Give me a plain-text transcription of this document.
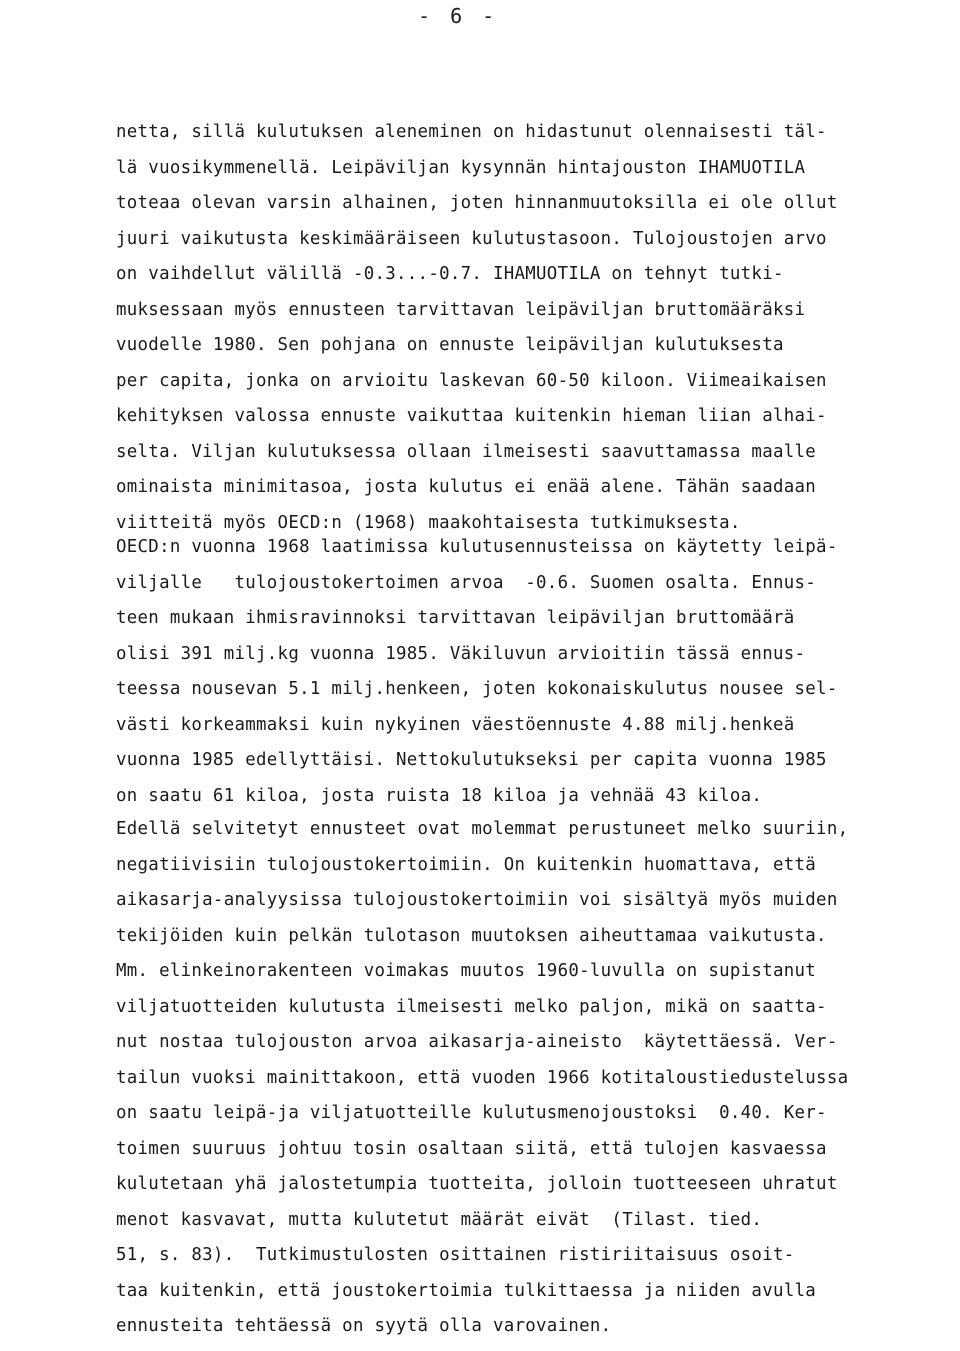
- 6 -
netta, sillä kulutuksen aleneminen on hidastunut olennaisesti täl-
lä vuosikymmenellä. Leipäviljan kysynnän hintajouston IHAMUOTILA
toteaa olevan varsin alhainen, joten hinnanmuutoksilla ei ole ollut
juuri vaikutusta keskimääräiseen kulutustasoon. Tulojoustojen arvo
on vaihdellut välillä -0.3...-0.7. IHAMUOTILA on tehnyt tutki-
muksessaan myös ennusteen tarvittavan leipäviljan bruttomääräksi
vuodelle 1980. Sen pohjana on ennuste leipäviljan kulutuksesta
per capita, jonka on arvioitu laskevan 60-50 kiloon. Viimeaikaisen
kehityksen valossa ennuste vaikuttaa kuitenkin hieman liian alhai-
selta. Viljan kulutuksessa ollaan ilmeisesti saavuttamassa maalle
ominaista minimitasoa, josta kulutus ei enää alene. Tähän saadaan
viitteitä myös OECD:n (1968) maakohtaisesta tutkimuksesta.
OECD:n vuonna 1968 laatimissa kulutusennusteissa on käytetty leipä-
viljalle   tulojoustokertoimen arvoa  -0.6. Suomen osalta. Ennus-
teen mukaan ihmisravinnoksi tarvittavan leipäviljan bruttomäärä
olisi 391 milj.kg vuonna 1985. Väkiluvun arvioitiin tässä ennus-
teessa nousevan 5.1 milj.henkeen, joten kokonaiskulutus nousee sel-
västi korkeammaksi kuin nykyinen väestöennuste 4.88 milj.henkeä
vuonna 1985 edellyttäisi. Nettokulutukseksi per capita vuonna 1985
on saatu 61 kiloa, josta ruista 18 kiloa ja vehnää 43 kiloa.
Edellä selvitetyt ennusteet ovat molemmat perustuneet melko suuriin,
negatiivisiin tulojoustokertoimiin. On kuitenkin huomattava, että
aikasarja-analyysissa tulojoustokertoimiin voi sisältyä myös muiden
tekijöiden kuin pelkän tulotason muutoksen aiheuttamaa vaikutusta.
Mm. elinkeinorakenteen voimakas muutos 1960-luvulla on supistanut
viljatuotteiden kulutusta ilmeisesti melko paljon, mikä on saatta-
nut nostaa tulojouston arvoa aikasarja-aineisto  käytettäessä. Ver-
tailun vuoksi mainittakoon, että vuoden 1966 kotitaloustiedustelussa
on saatu leipä-ja viljatuotteille kulutusmenojoustoksi  0.40. Ker-
toimen suuruus johtuu tosin osaltaan siitä, että tulojen kasvaessa
kulutetaan yhä jalostetumpia tuotteita, jolloin tuotteeseen uhratut
menot kasvavat, mutta kulutetut määrät eivät  (Tilast. tied.
51, s. 83).  Tutkimustulosten osittainen ristiriitaisuus osoit-
taa kuitenkin, että joustokertoimia tulkittaessa ja niiden avulla
ennusteita tehtäessä on syytä olla varovainen.
